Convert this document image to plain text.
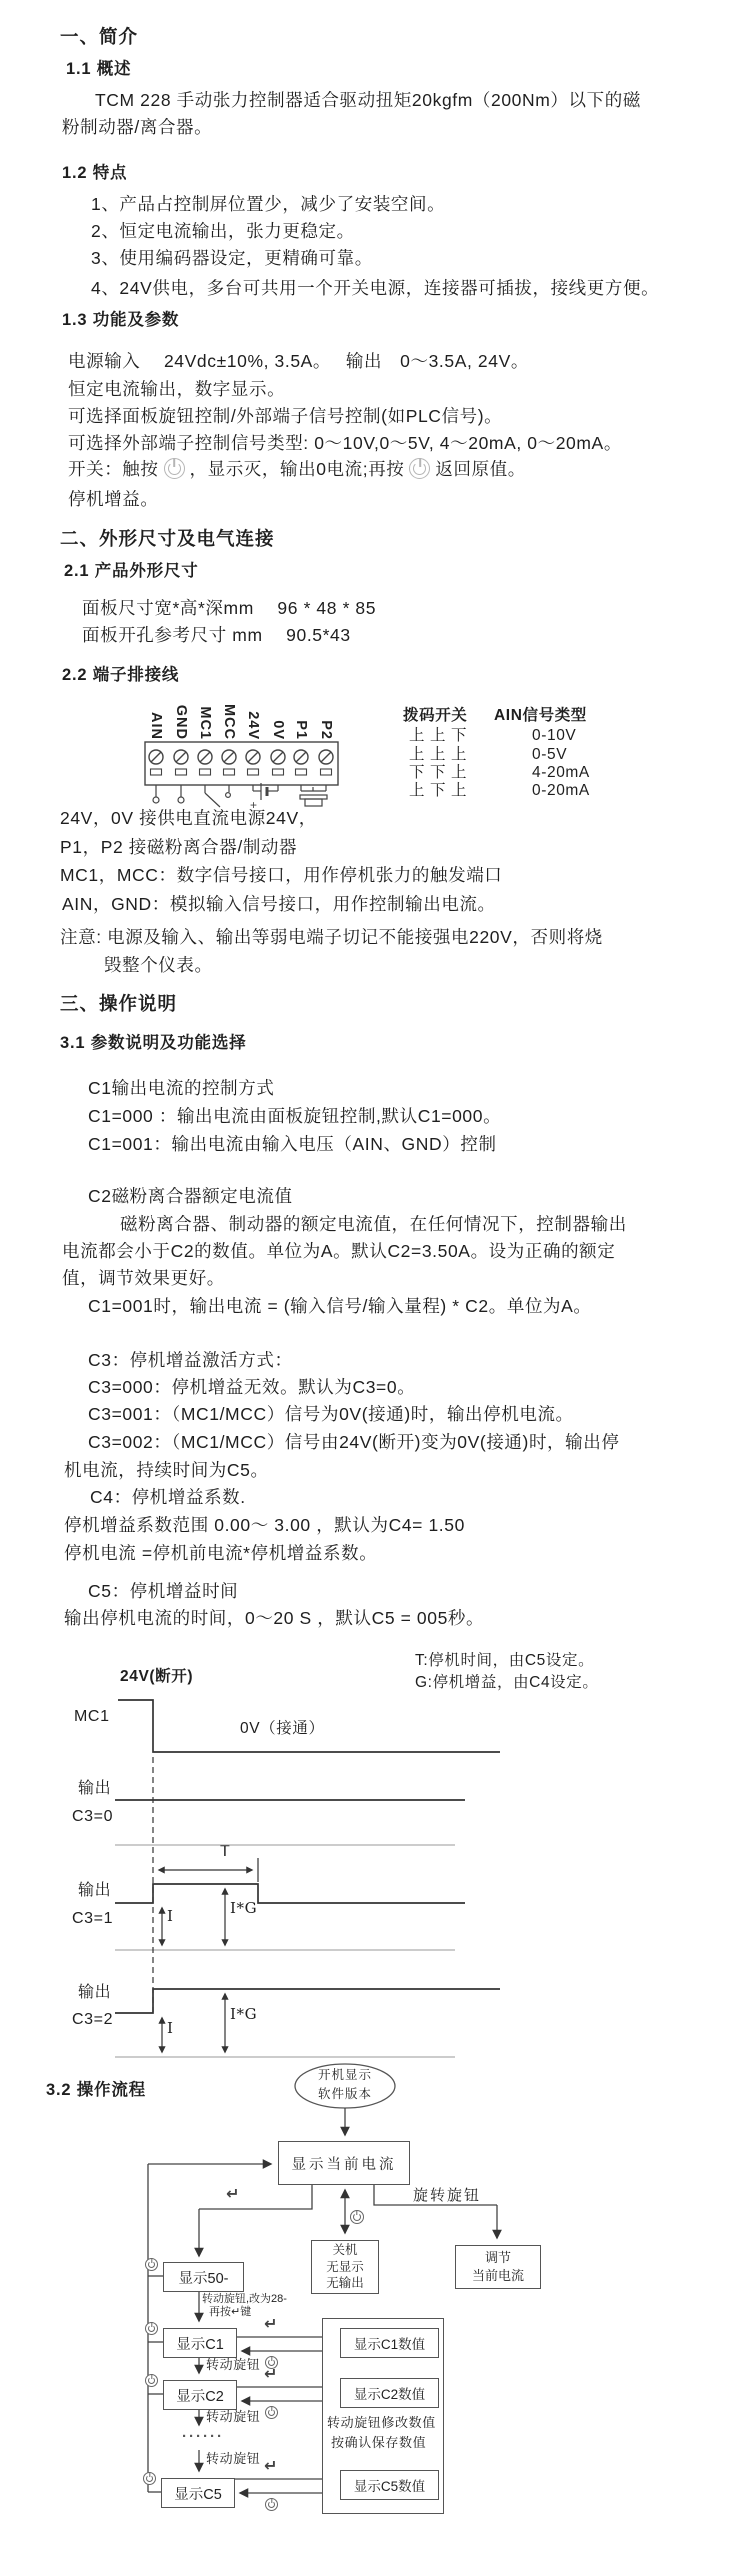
一、简介
1.1 概述
TCM 228 手动张力控制器适合驱动扭矩20kgfm（200Nm）以下的磁
粉制动器/离合器。
1.2 特点
1、产品占控制屏位置少，减少了安装空间。
2、恒定电流输出，张力更稳定。
3、使用编码器设定，更精确可靠。
4、24V供电，多台可共用一个开关电源，连接器可插拔，接线更方便。
1.3 功能及参数
电源输入　 24Vdc±10%, 3.5A。　 输出　0～3.5A, 24V。
恒定电流输出，数字显示。
可选择面板旋钮控制/外部端子信号控制(如PLC信号)。
可选择外部端子控制信号类型: 0～10V,0～5V, 4～20mA, 0～20mA。
开关：触按 ，显示灭，输出0电流;再按 返回原值。
停机增益。
二、外形尺寸及电气连接
2.1 产品外形尺寸
面板尺寸宽*高*深mm　 96 * 48 * 85
面板开孔参考尺寸 mm　 90.5*43
2.2 端子排接线
AIN GND MC1 MCC 24V 0V P1 P2
+
拨码开关 AIN信号类型
上 上 下	0-10V
上 上 上	0-5V
下 下 上	4-20mA
上 下 上	0-20mA
24V，0V 接供电直流电源24V，
P1，P2 接磁粉离合器/制动器
MC1，MCC：数字信号接口，用作停机张力的触发端口
AIN，GND：模拟输入信号接口，用作控制输出电流。
注意: 电源及输入、输出等弱电端子切记不能接强电220V，否则将烧
毁整个仪表。
三、操作说明
3.1 参数说明及功能选择
C1输出电流的控制方式
C1=000 ：输出电流由面板旋钮控制,默认C1=000。
C1=001：输出电流由输入电压（AIN、GND）控制
C2磁粉离合器额定电流值
磁粉离合器、制动器的额定电流值，在任何情况下，控制器输出
电流都会小于C2的数值。单位为A。默认C2=3.50A。设为正确的额定
值，调节效果更好。
C1=001时，输出电流 = (输入信号/输入量程) * C2。单位为A。
C3：停机增益激活方式：
C3=000：停机增益无效。默认为C3=0。
C3=001：（MC1/MCC）信号为0V(接通)时，输出停机电流。
C3=002：（MC1/MCC）信号由24V(断开)变为0V(接通)时，输出停
机电流，持续时间为C5。
C4：停机增益系数.
停机增益系数范围 0.00～ 3.00 ，默认为C4= 1.50
停机电流 =停机前电流*停机增益系数。
C5：停机增益时间
输出停机电流的时间，0～20 S ，默认C5 = 005秒。
T:停机时间，由C5设定。
G:停机增益，由C4设定。
24V(断开)
MC1
0V（接通）
输出
C3=0
T
输出
C3=1	I	I*G
输出
C3=2	I
I*G
3.2 操作流程
开机显示
软件版本
显示当前电流
旋转旋钮
↵
关机
无显示
无输出
调节
当前电流
显示50-
转动旋钮,改为28-
再按↵键
显示C1
转动旋钮
显示C2
转动旋钮
······
转动旋钮
显示C5
显示C1数值
显示C2数值
显示C5数值
转动旋钮修改数值
按确认保存数值
↵
↵
↵
